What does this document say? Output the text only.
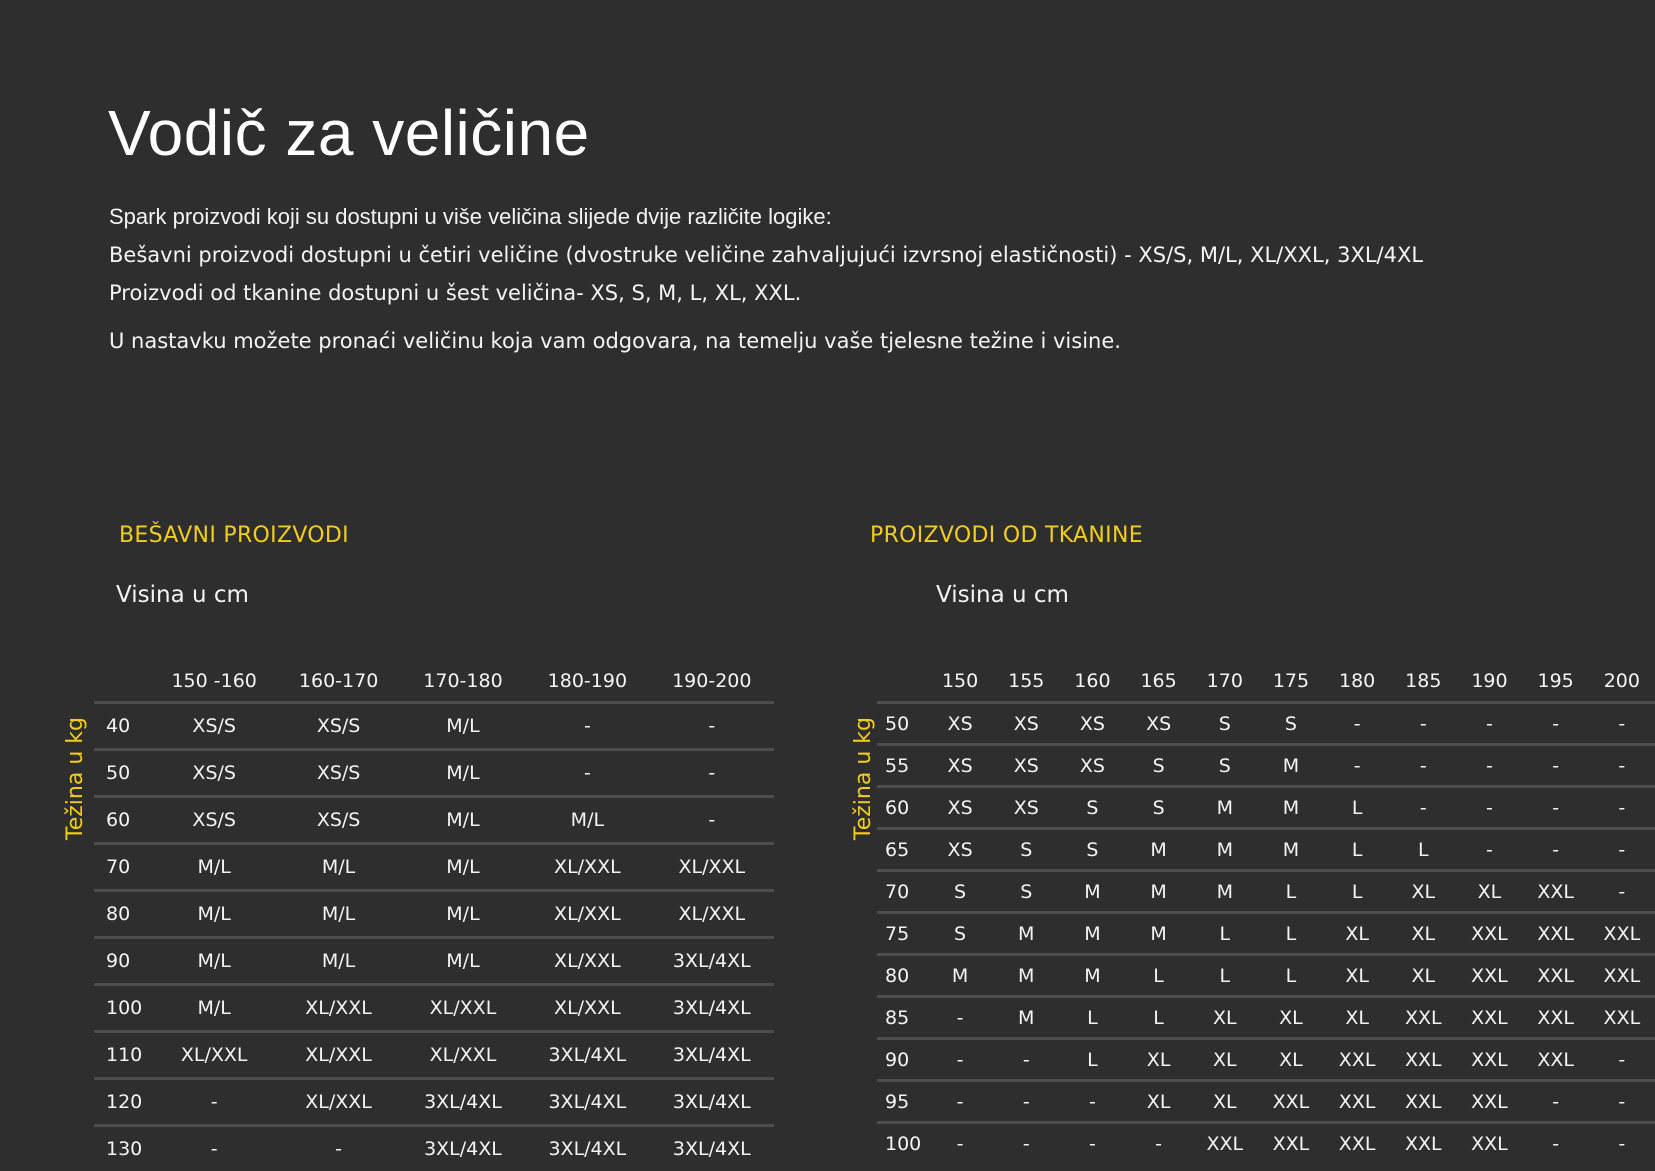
Vodič za veličine

Spark proizvodi koji su dostupni u više veličina slijede dvije različite logike:

Bešavni proizvodi dostupni u četiri veličine (dvostruke veličine zahvaljujući izvrsnoj elastičnosti) - XS/S, M/L, XL/XXL, 3XL/4XL

Proizvodi od tkanine dostupni u šest veličina- XS, S, M, L, XL, XXL.

U nastavku možete pronaći veličinu koja vam odgovara, na temelju vaše tjelesne težine i visine.

BEŠAVNI PROIZVODI
Visina u cm
Težina u kg
	150 -160	160-170	170-180	180-190	190-200
40	XS/S	XS/S	M/L	-	-
50	XS/S	XS/S	M/L	-	-
60	XS/S	XS/S	M/L	M/L	-
70	M/L	M/L	M/L	XL/XXL	XL/XXL
80	M/L	M/L	M/L	XL/XXL	XL/XXL
90	M/L	M/L	M/L	XL/XXL	3XL/4XL
100	M/L	XL/XXL	XL/XXL	XL/XXL	3XL/4XL
110	XL/XXL	XL/XXL	XL/XXL	3XL/4XL	3XL/4XL
120	-	XL/XXL	3XL/4XL	3XL/4XL	3XL/4XL
130	-	-	3XL/4XL	3XL/4XL	3XL/4XL
PROIZVODI OD TKANINE
Visina u cm
Težina u kg
	150	155	160	165	170	175	180	185	190	195	200
50	XS	XS	XS	XS	S	S	-	-	-	-	-
55	XS	XS	XS	S	S	M	-	-	-	-	-
60	XS	XS	S	S	M	M	L	-	-	-	-
65	XS	S	S	M	M	M	L	L	-	-	-
70	S	S	M	M	M	L	L	XL	XL	XXL	-
75	S	M	M	M	L	L	XL	XL	XXL	XXL	XXL
80	M	M	M	L	L	L	XL	XL	XXL	XXL	XXL
85	-	M	L	L	XL	XL	XL	XXL	XXL	XXL	XXL
90	-	-	L	XL	XL	XL	XXL	XXL	XXL	XXL	-
95	-	-	-	XL	XL	XXL	XXL	XXL	XXL	-	-
100	-	-	-	-	XXL	XXL	XXL	XXL	XXL	-	-
